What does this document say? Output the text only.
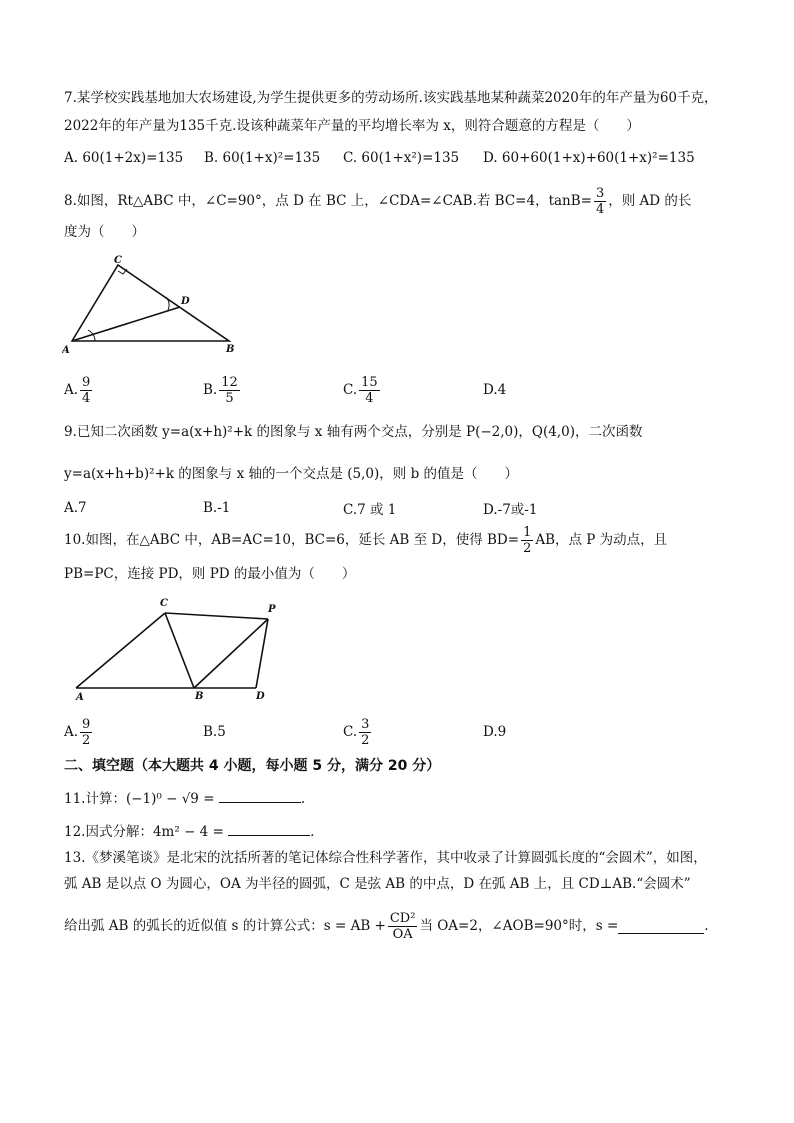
7.某学校实践基地加大农场建设,为学生提供更多的劳动场所.该实践基地某种蔬菜2020年的年产量为60千克，
2022年的年产量为135千克.设该种蔬菜年产量的平均增长率为 x，则符合题意的方程是（　　）
A. 60(1+2x)=135 B. 60(1+x)²=135 C. 60(1+x²)=135 D. 60+60(1+x)+60(1+x)²=135
8.如图，Rt△ABC 中，∠C=90°，点 D 在 BC 上，∠CDA=∠CAB.若 BC=4，$\tan B= \frac{3}{4}$ ，则 AD 的长
度为（　　）
A	B
C
D
A. $\frac{9}{4}$	B. $\frac{12}{5}$	C. $\frac{15}{4}$	D.4
9.已知二次函数 y=a(x+h)²+k 的图象与 x 轴有两个交点，分别是 P(−2,0)，Q(4,0)，二次函数
y=a(x+h+b)²+k 的图象与 x 轴的一个交点是 (5,0)，则 b 的值是（　　）
A.7	B.-1	C.7 或 1	D.-7或-1
10.如图，在△ABC 中，AB=AC=10，BC=6，延长 AB 至 D，使得 $BD= \frac{1}{2}$ AB，点 P 为动点，且
PB=PC，连接 PD，则 PD 的最小值为（　　）
A	B
C
D
P
A. $\frac{9}{2}$	B.5	C. $\frac{3}{2}$	D.9
二、填空题（本大题共 4 小题，每小题 5 分，满分 20 分）
11.计算：(−1)⁰ − √9 =	.
12.因式分解：4m² − 4 =	.
13.《梦溪笔谈》是北宋的沈括所著的笔记体综合性科学著作，其中收录了计算圆弧长度的“会圆术”，如图，
弧 AB 是以点 O 为圆心，OA 为半径的圆弧，C 是弦 AB 的中点，D 在弧 AB 上，且 CD⊥AB.“会圆术”
给出弧 AB 的弧长的近似值 s 的计算公式：s = AB + $\frac{\text{CD²}}{OA}$ 当 OA=2，∠AOB=90°时，s =	.
